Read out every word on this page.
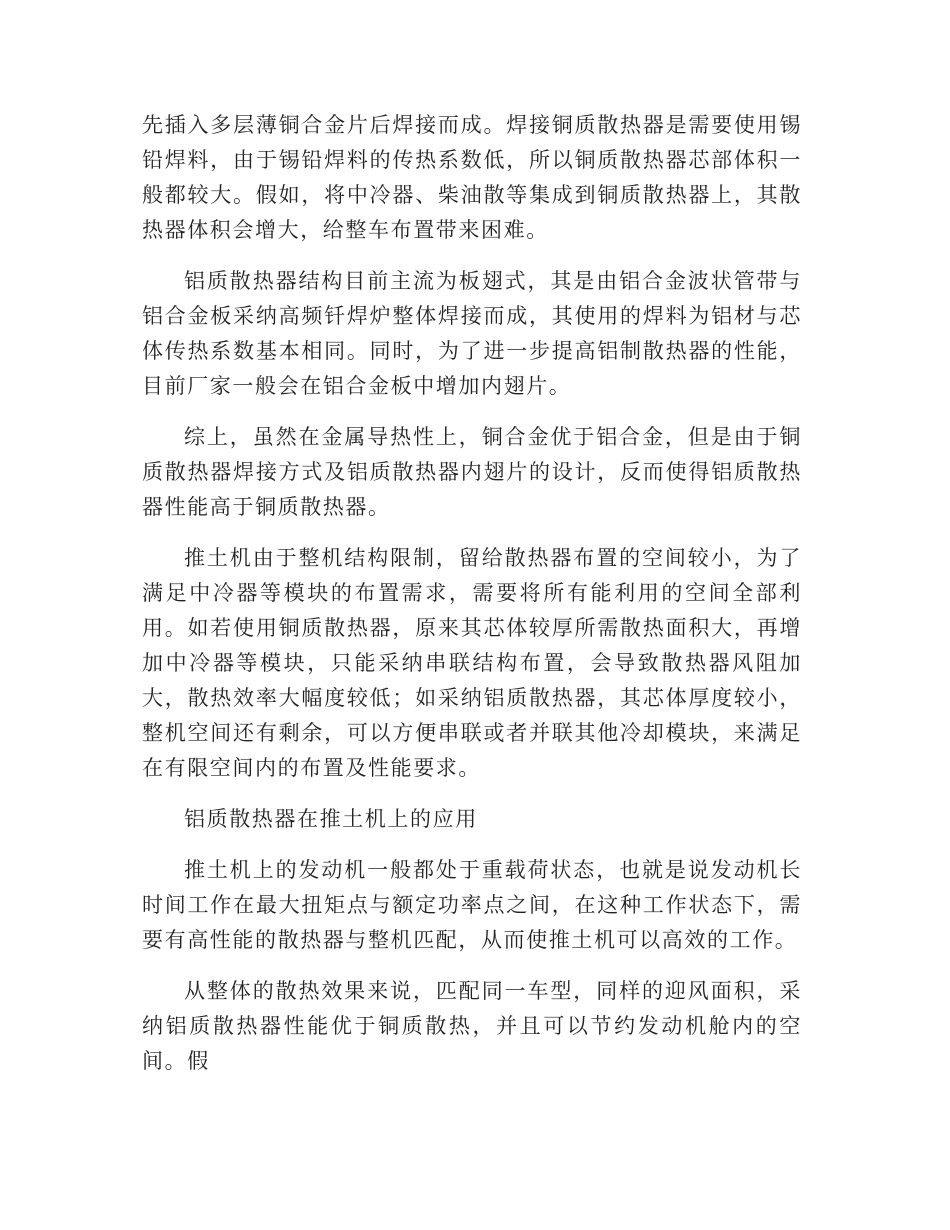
先插入多层薄铜合金片后焊接而成。焊接铜质散热器是需要使用锡铅焊料，由于锡铅焊料的传热系数低，所以铜质散热器芯部体积一般都较大。假如，将中冷器、柴油散等集成到铜质散热器上，其散热器体积会增大，给整车布置带来困难。

铝质散热器结构目前主流为板翅式，其是由铝合金波状管带与铝合金板采纳高频钎焊炉整体焊接而成，其使用的焊料为铝材与芯体传热系数基本相同。同时，为了进一步提高铝制散热器的性能，目前厂家一般会在铝合金板中增加内翅片。

综上，虽然在金属导热性上，铜合金优于铝合金，但是由于铜质散热器焊接方式及铝质散热器内翅片的设计，反而使得铝质散热器性能高于铜质散热器。

推土机由于整机结构限制，留给散热器布置的空间较小，为了满足中冷器等模块的布置需求，需要将所有能利用的空间全部利用。如若使用铜质散热器，原来其芯体较厚所需散热面积大，再增加中冷器等模块，只能采纳串联结构布置，会导致散热器风阻加大，散热效率大幅度较低；如采纳铝质散热器，其芯体厚度较小，整机空间还有剩余，可以方便串联或者并联其他冷却模块，来满足在有限空间内的布置及性能要求。

铝质散热器在推土机上的应用

推土机上的发动机一般都处于重载荷状态，也就是说发动机长时间工作在最大扭矩点与额定功率点之间，在这种工作状态下，需要有高性能的散热器与整机匹配，从而使推土机可以高效的工作。

从整体的散热效果来说，匹配同一车型，同样的迎风面积，采纳铝质散热器性能优于铜质散热，并且可以节约发动机舱内的空间。假
